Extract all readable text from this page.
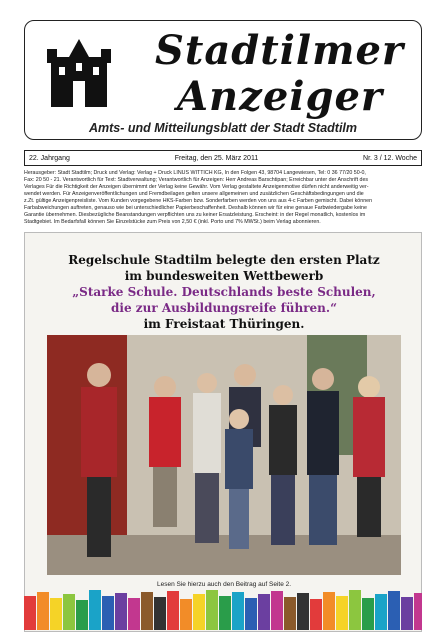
Stadtilmer
Anzeiger
Amts- und Mitteilungsblatt der Stadt Stadtilm
22. Jahrgang	Freitag, den 25. März 2011	Nr. 3 / 12. Woche
Herausgeber: Stadt Stadtilm; Druck und Verlag: Verlag + Druck LINUS WITTICH KG, In den Folgen 43, 98704 Langewiesen, Tel: 0 36 77/20 50-0,
Fax: 20 50 - 21. Verantwortlich für Text: Stadtverwaltung; Verantwortlich für Anzeigen: Herr Andreas Barschtipan; Erreichbar unter der Anschrift des
Verlages Für die Richtigkeit der Anzeigen übernimmt der Verlag keine Gewähr. Vom Verlag gestaltete Anzeigenmotive dürfen nicht anderweitig ver-
wendet werden. Für Anzeigenveröffentlichungen und Fremdbeilagen gelten unsere allgemeinen und zusätzlichen Geschäftsbedingungen und die
z.Zt. gültige Anzeigenpreisliste. Vom Kunden vorgegebene HKS-Farben bzw. Sonderfarben werden von uns aus 4-c Farben gemischt. Dabei können
Farbabweichungen auftreten, genauso wie bei unterschiedlicher Papierbeschaffenheit. Deshalb können wir für eine genaue Farbwiedergabe keine
Garantie übernehmen. Diesbezügliche Beanstandungen verpflichten uns zu keiner Ersatzleistung. Erscheint: in der Regel monatlich, kostenlos im
Stadtgebiet. Im Bedarfsfall können Sie Einzelstücke zum Preis von 2,50 € (inkl. Porto und 7% MWSt.) beim Verlag abonnieren.
Regelschule Stadtilm belegte den ersten Platz
im bundesweiten Wettbewerb
„Starke Schule. Deutschlands beste Schulen,
die zur Ausbildungsreife führen.“
im Freistaat Thüringen.
Lesen Sie hierzu auch den Beitrag auf Seite 2.
